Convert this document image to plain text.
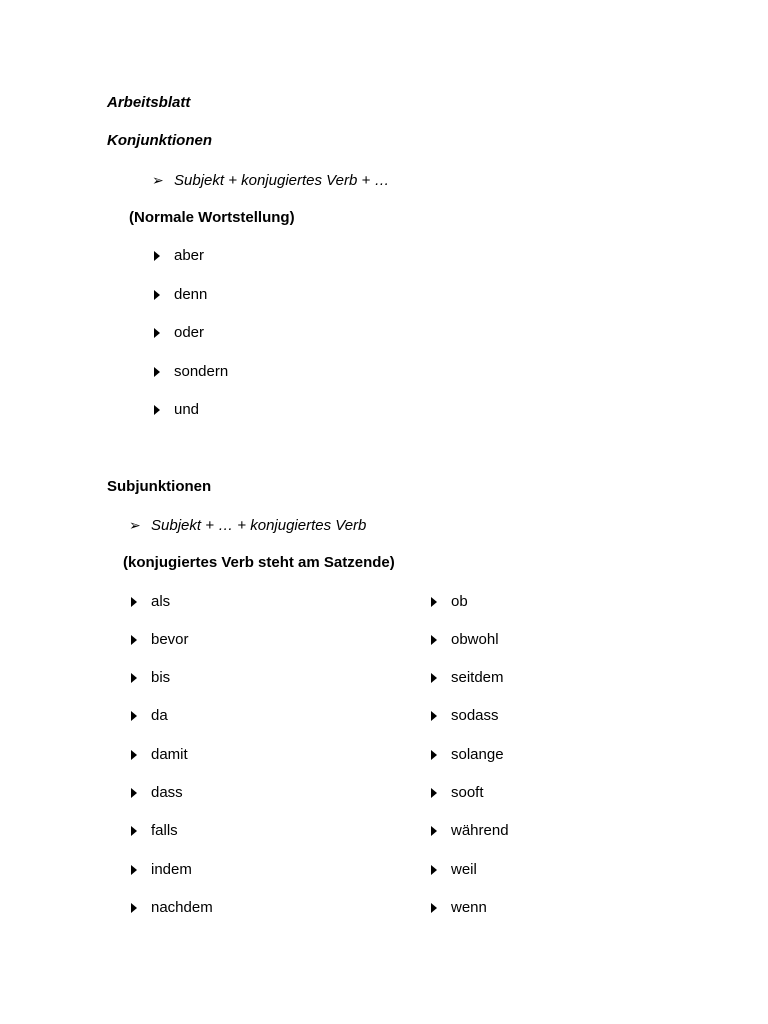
Arbeitsblatt
Konjunktionen
➢ Subjekt + konjugiertes Verb + …
(Normale Wortstellung)
aber
denn
oder
sondern
und
Subjunktionen
➢ Subjekt + … + konjugiertes Verb
(konjugiertes Verb steht am Satzende)
als
bevor
bis
da
damit
dass
falls
indem
nachdem
ob
obwohl
seitdem
sodass
solange
sooft
während
weil
wenn
